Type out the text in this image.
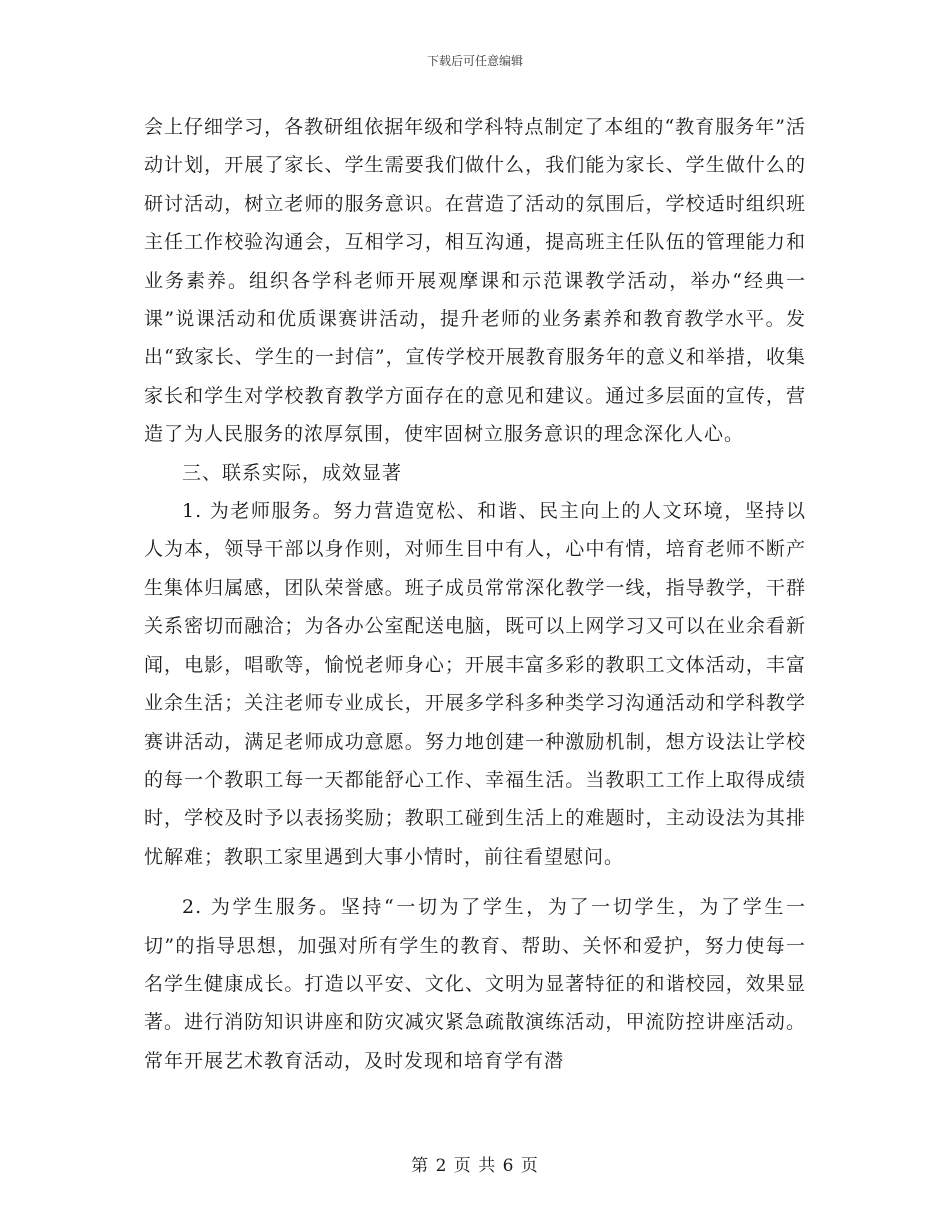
下载后可任意编辑

会上仔细学习，各教研组依据年级和学科特点制定了本组的“教育服务年”活动计划，开展了家长、学生需要我们做什么，我们能为家长、学生做什么的研讨活动，树立老师的服务意识。在营造了活动的氛围后，学校适时组织班主任工作校验沟通会，互相学习，相互沟通，提高班主任队伍的管理能力和业务素养。组织各学科老师开展观摩课和示范课教学活动，举办“经典一课”说课活动和优质课赛讲活动，提升老师的业务素养和教育教学水平。发出“致家长、学生的一封信”，宣传学校开展教育服务年的意义和举措，收集家长和学生对学校教育教学方面存在的意见和建议。通过多层面的宣传，营造了为人民服务的浓厚氛围，使牢固树立服务意识的理念深化人心。

三、联系实际，成效显著

1. 为老师服务。努力营造宽松、和谐、民主向上的人文环境，坚持以人为本，领导干部以身作则，对师生目中有人，心中有情，培育老师不断产生集体归属感，团队荣誉感。班子成员常常深化教学一线，指导教学，干群关系密切而融洽；为各办公室配送电脑，既可以上网学习又可以在业余看新闻，电影，唱歌等，愉悦老师身心；开展丰富多彩的教职工文体活动，丰富业余生活；关注老师专业成长，开展多学科多种类学习沟通活动和学科教学赛讲活动，满足老师成功意愿。努力地创建一种激励机制，想方设法让学校的每一个教职工每一天都能舒心工作、幸福生活。当教职工工作上取得成绩时，学校及时予以表扬奖励；教职工碰到生活上的难题时，主动设法为其排忧解难；教职工家里遇到大事小情时，前往看望慰问。

2. 为学生服务。坚持“一切为了学生，为了一切学生，为了学生一切”的指导思想，加强对所有学生的教育、帮助、关怀和爱护，努力使每一名学生健康成长。打造以平安、文化、文明为显著特征的和谐校园，效果显著。进行消防知识讲座和防灾减灾紧急疏散演练活动，甲流防控讲座活动。常年开展艺术教育活动，及时发现和培育学有潜

第 2 页 共 6 页
